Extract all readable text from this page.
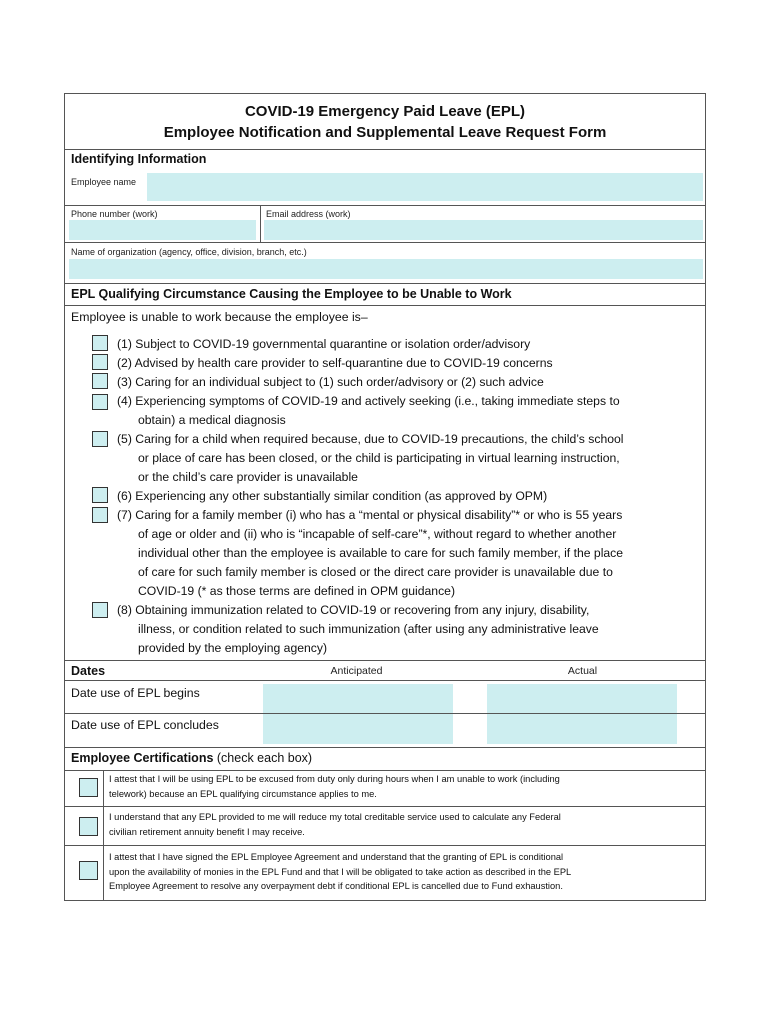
COVID-19 Emergency Paid Leave (EPL)
Employee Notification and Supplemental Leave Request Form
Identifying Information
Employee name
Phone number (work)	Email address (work)
Name of organization (agency, office, division, branch, etc.)
EPL Qualifying Circumstance Causing the Employee to be Unable to Work
Employee is unable to work because the employee is–
(1) Subject to COVID-19 governmental quarantine or isolation order/advisory
(2) Advised by health care provider to self-quarantine due to COVID-19 concerns
(3) Caring for an individual subject to (1) such order/advisory or (2) such advice
(4) Experiencing symptoms of COVID-19 and actively seeking (i.e., taking immediate steps to
obtain) a medical diagnosis
(5) Caring for a child when required because, due to COVID-19 precautions, the child’s school
or place of care has been closed, or the child is participating in virtual learning instruction,
or the child’s care provider is unavailable
(6) Experiencing any other substantially similar condition (as approved by OPM)
(7) Caring for a family member (i) who has a “mental or physical disability”* or who is 55 years
of age or older and (ii) who is “incapable of self-care”*, without regard to whether another
individual other than the employee is available to care for such family member, if the place
of care for such family member is closed or the direct care provider is unavailable due to
COVID-19 (* as those terms are defined in OPM guidance)
(8) Obtaining immunization related to COVID-19 or recovering from any injury, disability,
illness, or condition related to such immunization (after using any administrative leave
provided by the employing agency)
Dates	Anticipated	Actual
Date use of EPL begins
Date use of EPL concludes
Employee Certifications (check each box)
I attest that I will be using EPL to be excused from duty only during hours when I am unable to work (including
telework) because an EPL qualifying circumstance applies to me.
I understand that any EPL provided to me will reduce my total creditable service used to calculate any Federal
civilian retirement annuity benefit I may receive.
I attest that I have signed the EPL Employee Agreement and understand that the granting of EPL is conditional
upon the availability of monies in the EPL Fund and that I will be obligated to take action as described in the EPL
Employee Agreement to resolve any overpayment debt if conditional EPL is cancelled due to Fund exhaustion.
